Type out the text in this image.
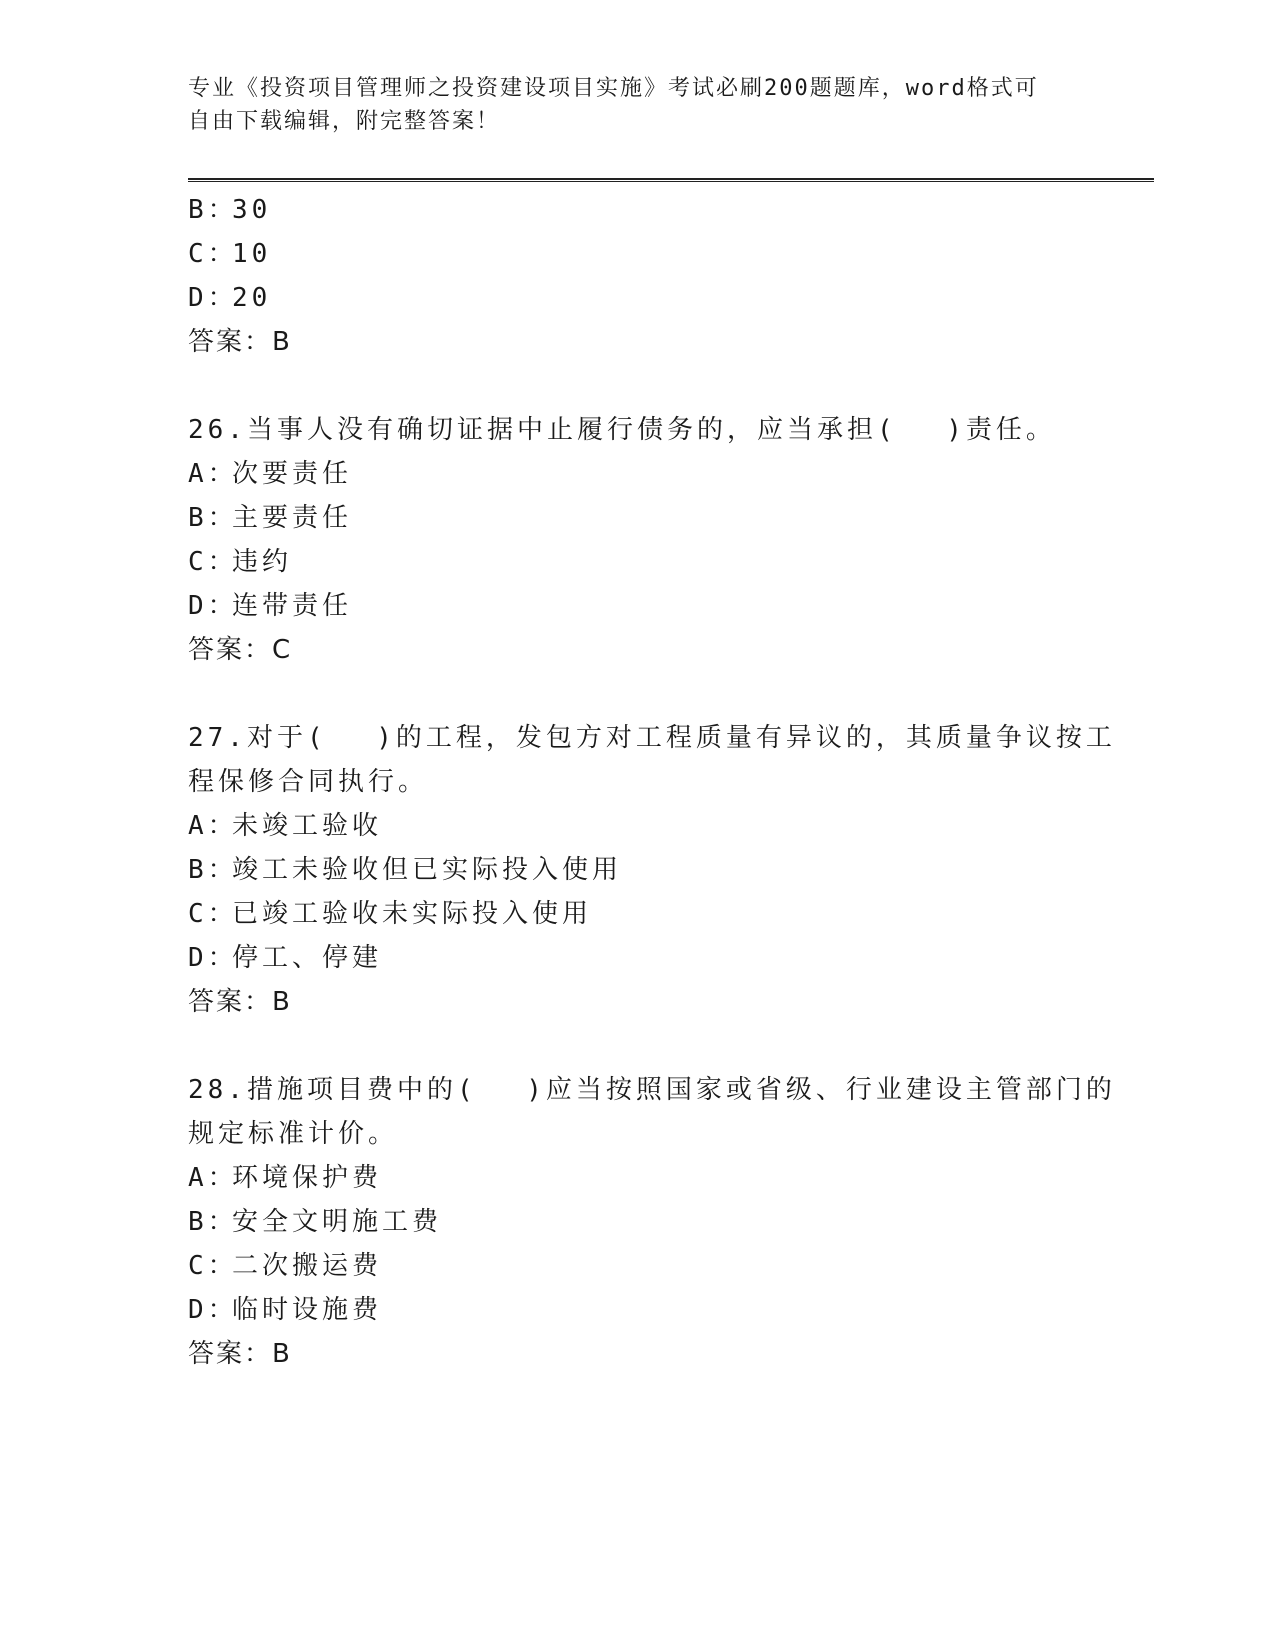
专业《投资项目管理师之投资建设项目实施》考试必刷200题题库，word格式可
自由下载编辑，附完整答案！
B：30
C：10
D：20
答案：B
26.当事人没有确切证据中止履行债务的，应当承担(　 )责任。
A：次要责任
B：主要责任
C：违约
D：连带责任
答案：C
27.对于(　 )的工程，发包方对工程质量有异议的，其质量争议按工
程保修合同执行。
A：未竣工验收
B：竣工未验收但已实际投入使用
C：已竣工验收未实际投入使用
D：停工、停建
答案：B
28.措施项目费中的(　 )应当按照国家或省级、行业建设主管部门的
规定标准计价。
A：环境保护费
B：安全文明施工费
C：二次搬运费
D：临时设施费
答案：B
